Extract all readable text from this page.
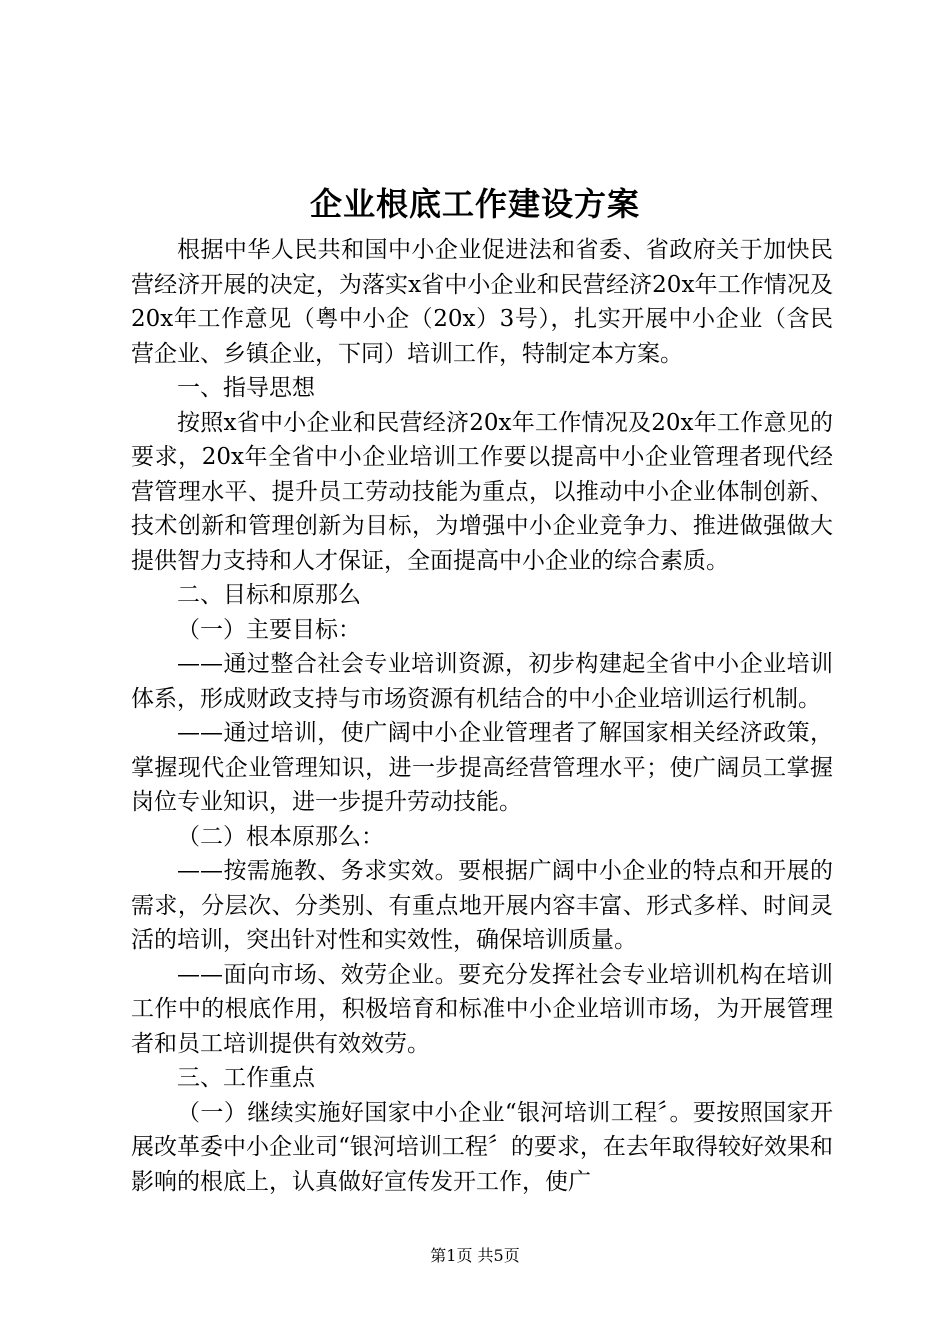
企业根底工作建设方案

根据中华人民共和国中小企业促进法和省委、省政府关于加快民营经济开展的决定，为落实x省中小企业和民营经济20x年工作情况及20x年工作意见（粤中小企（20x）3号），扎实开展中小企业（含民营企业、乡镇企业，下同）培训工作，特制定本方案。

一、指导思想

按照x省中小企业和民营经济20x年工作情况及20x年工作意见的要求，20x年全省中小企业培训工作要以提高中小企业管理者现代经营管理水平、提升员工劳动技能为重点，以推动中小企业体制创新、技术创新和管理创新为目标，为增强中小企业竞争力、推进做强做大提供智力支持和人才保证，全面提高中小企业的综合素质。

二、目标和原那么

（一）主要目标：

——通过整合社会专业培训资源，初步构建起全省中小企业培训体系，形成财政支持与市场资源有机结合的中小企业培训运行机制。

——通过培训，使广阔中小企业管理者了解国家相关经济政策，掌握现代企业管理知识，进一步提高经营管理水平；使广阔员工掌握岗位专业知识，进一步提升劳动技能。

（二）根本原那么：

——按需施教、务求实效。要根据广阔中小企业的特点和开展的需求，分层次、分类别、有重点地开展内容丰富、形式多样、时间灵活的培训，突出针对性和实效性，确保培训质量。

——面向市场、效劳企业。要充分发挥社会专业培训机构在培训工作中的根底作用，积极培育和标准中小企业培训市场，为开展管理者和员工培训提供有效效劳。

三、工作重点

（一）继续实施好国家中小企业“银河培训工程〞。要按照国家开展改革委中小企业司“银河培训工程〞的要求，在去年取得较好效果和影响的根底上，认真做好宣传发开工作，使广

第1页 共5页
